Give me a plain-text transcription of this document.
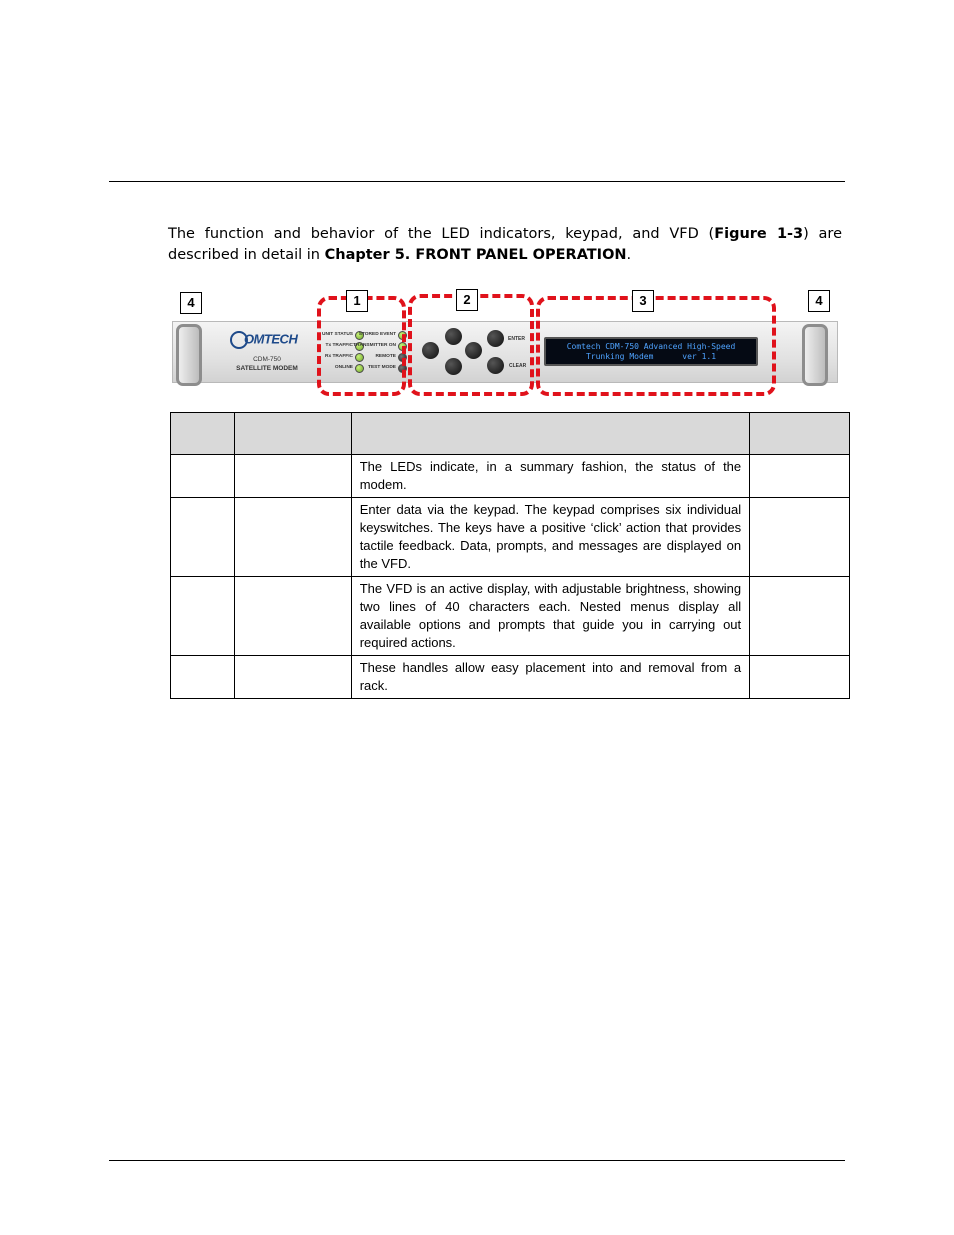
The function and behavior of the LED indicators, keypad, and VFD (Figure 1-3) are described in detail in Chapter 5. FRONT PANEL OPERATION.
OMTECH
CDM-750
SATELLITE MODEM
UNIT STATUS
Tx TRAFFIC
Rx TRAFFIC
ONLINE
STORED EVENT
TRANSMITTER ON
REMOTE
TEST MODE
ENTER
CLEAR
Comtech CDM-750 Advanced High-Speed
Trunking Modem      ver 1.1
4	1	2	3	4

		The LEDs indicate, in a summary fashion, the status of the modem.	
		Enter data via the keypad. The keypad comprises six individual keyswitches. The keys have a positive ‘click’ action that provides tactile feedback. Data, prompts, and messages are displayed on the VFD.	
		The VFD is an active display, with adjustable brightness, showing two lines of 40 characters each. Nested menus display all available options and prompts that guide you in carrying out required actions.	
		These handles allow easy placement into and removal from a rack.	
